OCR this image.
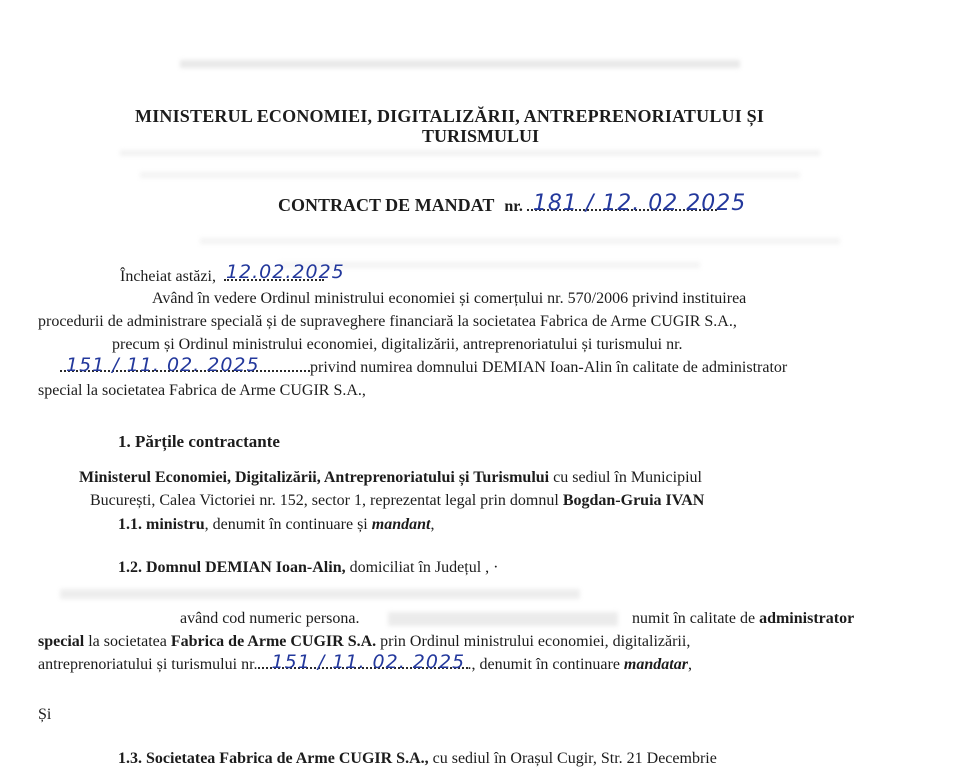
MINISTERUL ECONOMIEI, DIGITALIZĂRII, ANTREPRENORIATULUI ȘI
TURISMULUI
CONTRACT DE MANDAT nr. 181 / 12. 02 2025
Încheiat astăzi, 12.02.2025
Având în vedere Ordinul ministrului economiei și comerțului nr. 570/2006 privind instituirea
procedurii de administrare specială și de supraveghere financiară la societatea Fabrica de Arme CUGIR S.A.,
precum și Ordinul ministrului economiei, digitalizării, antreprenoriatului și turismului nr.
151 / 11. 02. 2025	privind numirea domnului DEMIAN Ioan-Alin în calitate de administrator
special la societatea Fabrica de Arme CUGIR S.A.,
1. Părțile contractante
Ministerul Economiei, Digitalizării, Antreprenoriatului și Turismului cu sediul în Municipiul
București, Calea Victoriei nr. 152, sector 1, reprezentat legal prin domnul Bogdan-Gruia IVAN
1.1. ministru, denumit în continuare și mandant,
1.2. Domnul DEMIAN Ioan-Alin, domiciliat în Județul , ·
având cod numeric persona.	numit în calitate de administrator
special la societatea Fabrica de Arme CUGIR S.A. prin Ordinul ministrului economiei, digitalizării,
antreprenoriatului și turismului nr. 151 / 11. 02. 2025 ., denumit în continuare mandatar,
Și
1.3. Societatea Fabrica de Arme CUGIR S.A., cu sediul în Orașul Cugir, Str. 21 Decembrie
